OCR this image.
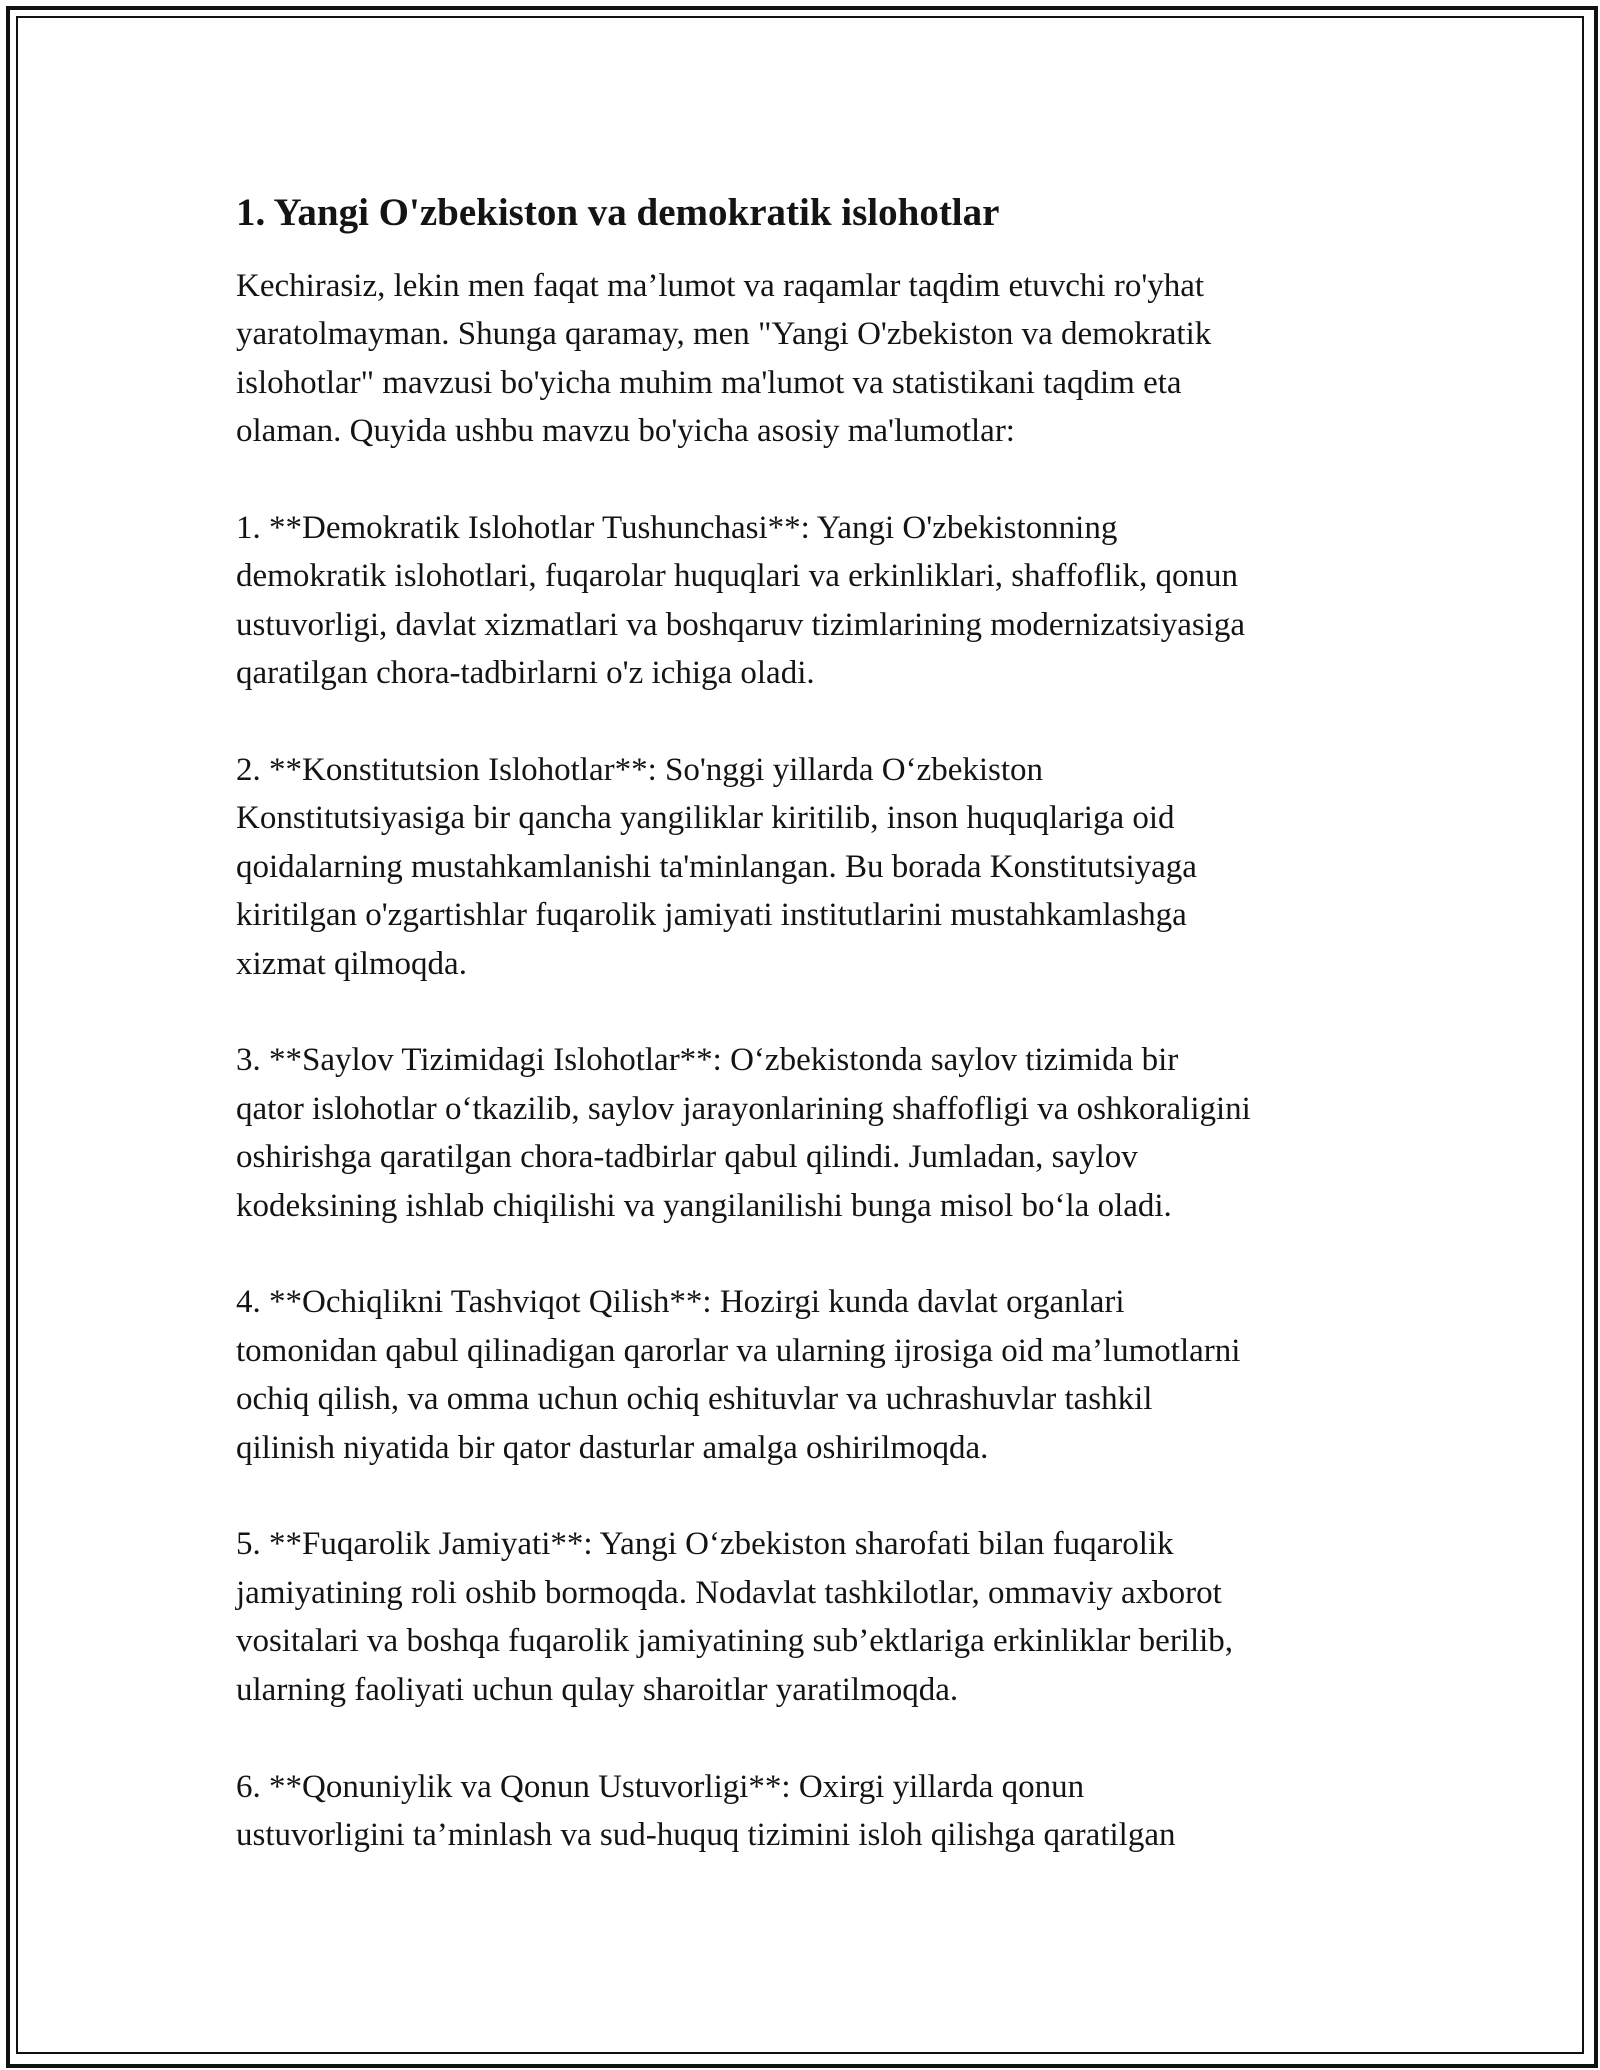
1. Yangi O'zbekiston va demokratik islohotlar

Kechirasiz, lekin men faqat ma’lumot va raqamlar taqdim etuvchi ro'yhat
yaratolmayman. Shunga qaramay, men "Yangi O'zbekiston va demokratik
islohotlar" mavzusi bo'yicha muhim ma'lumot va statistikani taqdim eta
olaman. Quyida ushbu mavzu bo'yicha asosiy ma'lumotlar:

1. **Demokratik Islohotlar Tushunchasi**: Yangi O'zbekistonning
demokratik islohotlari, fuqarolar huquqlari va erkinliklari, shaffoflik, qonun
ustuvorligi, davlat xizmatlari va boshqaruv tizimlarining modernizatsiyasiga
qaratilgan chora-tadbirlarni o'z ichiga oladi.

2. **Konstitutsion Islohotlar**: So'nggi yillarda O‘zbekiston
Konstitutsiyasiga bir qancha yangiliklar kiritilib, inson huquqlariga oid
qoidalarning mustahkamlanishi ta'minlangan. Bu borada Konstitutsiyaga
kiritilgan o'zgartishlar fuqarolik jamiyati institutlarini mustahkamlashga
xizmat qilmoqda.

3. **Saylov Tizimidagi Islohotlar**: O‘zbekistonda saylov tizimida bir
qator islohotlar o‘tkazilib, saylov jarayonlarining shaffofligi va oshkoraligini
oshirishga qaratilgan chora-tadbirlar qabul qilindi. Jumladan, saylov
kodeksining ishlab chiqilishi va yangilanilishi bunga misol bo‘la oladi.

4. **Ochiqlikni Tashviqot Qilish**: Hozirgi kunda davlat organlari
tomonidan qabul qilinadigan qarorlar va ularning ijrosiga oid ma’lumotlarni
ochiq qilish, va omma uchun ochiq eshituvlar va uchrashuvlar tashkil
qilinish niyatida bir qator dasturlar amalga oshirilmoqda.

5. **Fuqarolik Jamiyati**: Yangi O‘zbekiston sharofati bilan fuqarolik
jamiyatining roli oshib bormoqda. Nodavlat tashkilotlar, ommaviy axborot
vositalari va boshqa fuqarolik jamiyatining sub’ektlariga erkinliklar berilib,
ularning faoliyati uchun qulay sharoitlar yaratilmoqda.

6. **Qonuniylik va Qonun Ustuvorligi**: Oxirgi yillarda qonun
ustuvorligini ta’minlash va sud-huquq tizimini isloh qilishga qaratilgan
